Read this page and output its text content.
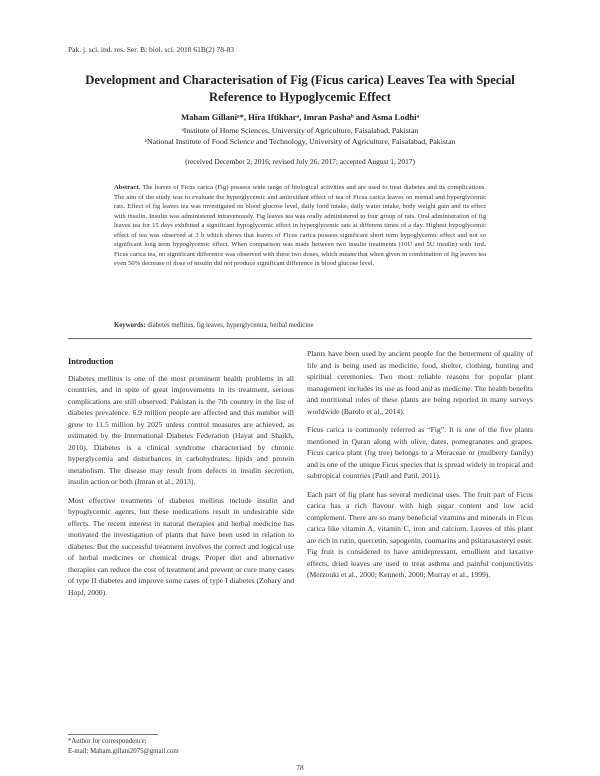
Pak. j. sci. ind. res. Ser. B: biol. sci. 2018 61B(2) 78-83
Development and Characterisation of Fig (Ficus carica) Leaves Tea with Special Reference to Hypoglycemic Effect
Maham Gillaniᵃ*, Hira Iftikharᵃ, Imran Pashaᵇ and Asma Lodhiᵃ
ᵃInstitute of Home Sciences, University of Agriculture, Faisalabad, Pakistan
ᵇNational Institute of Food Science and Technology, University of Agriculture, Faisalabad, Pakistan
(received December 2, 2016; revised July 26, 2017; accepted August 1, 2017)
Abstract. The leaves of Ficus carica (Fig) possess wide range of biological activities and are used to treat diabetes and its complications. The aim of the study was to evaluate the hyperglycemic and antioxidant effect of tea of Ficus carica leaves on normal and hyperglycemic rats. Effect of fig leaves tea was investigated on blood glucose level, daily food intake, daily water intake, body weight gain and its effect with insulin. Insulin was administered intravenously. Fig leaves tea was orally administered to four group of rats. Oral administration of fig leaves tea for 15 days exhibited a significant hypoglycemic effect in hyperglycemic rats at different times of a day. Highest hypoglycemic effect of tea was observed at 3 h which shows that leaves of Ficus carica possess significant short term hypoglycemic effect and not so significant long term hypoglycemic effect. When comparison was made between two insulin treatments (10U and 5U insulin) with 1mL Ficus carica tea, no significant difference was observed with these two doses, which means that when given in combination of fig leaves tea even 50% decrease of dose of insulin did not produce significant difference in blood glucose level.
Keywords: diabetes mellitus, fig leaves, hyperglycemia, herbal medicine
Introduction

Diabetes mellitus is one of the most prominent health problems in all countries, and in spite of great improvements in its treatment, serious complications are still observed. Pakistan is the 7th country in the list of diabetes prevalence. 6.9 million people are affected and this number will grow to 11.5 million by 2025 unless control measures are achieved, as estimated by the International Diabetes Federation (Hayat and Shaikh, 2010). Diabetes is a clinical syndrome characterised by chronic hyperglycemia and disturbances in carbohydrates, lipids and protein metabolism. The disease may result from defects in insulin secretion, insulin action or both (Imran et al., 2013).

Most effective treatments of diabetes mellitus include insulin and hypoglycemic agents, but these medications result in undesirable side effects. The recent interest in natural therapies and herbal medicine has motivated the investigation of plants that have been used in relation to diabetes. But the successful treatment involves the correct and logical use of herbal medicines or chemical drugs. Proper diet and alternative therapies can reduce the cost of treatment and prevent or cure many cases of type II diabetes and improve some cases of type I diabetes (Zohary and Hopf, 2000).

Plants have been used by ancient people for the betterment of quality of life and is being used as medicine, food, shelter, clothing, hunting and spiritual ceremonies. Two most reliable reasons for popular plant management includes its use as food and as medicine. The health benefits and nutritional roles of these plants are being reported in many surveys worldwide (Barolo et al., 2014).

Ficus carica is commonly referred as “Fig”. It is one of the five plants mentioned in Quran along with olive, dates, pomegranates and grapes. Ficus carica plant (fig tree) belongs to a Moraceae or (mulberry family) and is one of the unique Ficus species that is spread widely in tropical and subtropical countries (Patil and Patil, 2011).

Each part of fig plant has several medicinal uses. The fruit part of Ficus carica has a rich flavour with high sugar content and low acid complement. There are so many beneficial vitamins and minerals in Ficus carica like vitamin A, vitamin C, iron and calcium. Leaves of this plant are rich in rutin, quercetin, sapogenin, coumarins and psitaraxasteryl ester. Fig fruit is considered to have antidepressant, emollient and laxative effects, dried leaves are used to treat asthma and painful conjunctivitis (Merzouki et al., 2000; Kenneth, 2000; Murray et al., 1999).

*Author for correspondence;
E-mail: Maham.gillani2075@gmail.com
78
